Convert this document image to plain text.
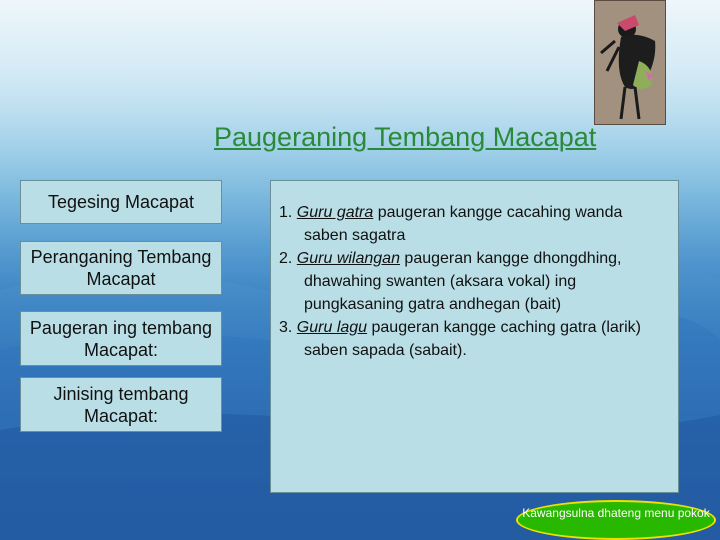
Paugeraning Tembang Macapat
Tegesing Macapat
Peranganing Tembang Macapat
Paugeran ing tembang Macapat:
Jinising tembang Macapat:
1. Guru gatra paugeran kangge cacahing wanda saben sagatra
2. Guru wilangan paugeran kangge dhongdhing, dhawahing swanten (aksara vokal) ing pungkasaning gatra andhegan (bait)
3. Guru lagu paugeran kangge caching gatra (larik) saben sapada (sabait).
Kawangsulna dhateng menu pokok
